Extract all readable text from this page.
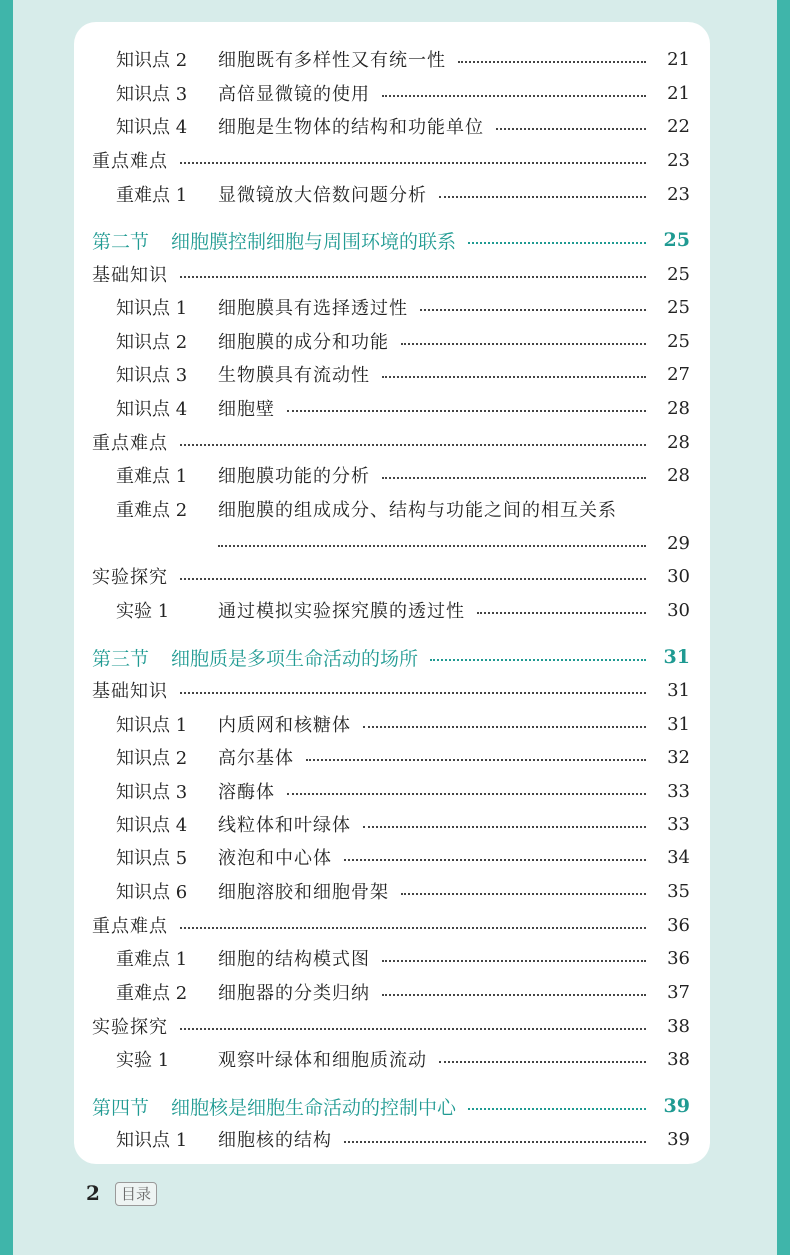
知识点 2 细胞既有多样性又有统一性	21
知识点 3 高倍显微镜的使用	21
知识点 4 细胞是生物体的结构和功能单位	22
重点难点	23
重难点 1 显微镜放大倍数问题分析	23
第二节 细胞膜控制细胞与周围环境的联系	25
基础知识	25
知识点 1 细胞膜具有选择透过性	25
知识点 2 细胞膜的成分和功能	25
知识点 3 生物膜具有流动性	27
知识点 4 细胞壁	28
重点难点	28
重难点 1 细胞膜功能的分析	28
重难点 2 细胞膜的组成成分、结构与功能之间的相互关系
29
实验探究	30
实验 1	通过模拟实验探究膜的透过性	30
第三节 细胞质是多项生命活动的场所	31
基础知识	31
知识点 1 内质网和核糖体	31
知识点 2 高尔基体	32
知识点 3 溶酶体	33
知识点 4 线粒体和叶绿体	33
知识点 5 液泡和中心体	34
知识点 6 细胞溶胶和细胞骨架	35
重点难点	36
重难点 1 细胞的结构模式图	36
重难点 2 细胞器的分类归纳	37
实验探究	38
实验 1	观察叶绿体和细胞质流动	38
第四节 细胞核是细胞生命活动的控制中心	39
知识点 1 细胞核的结构	39
2	目录
